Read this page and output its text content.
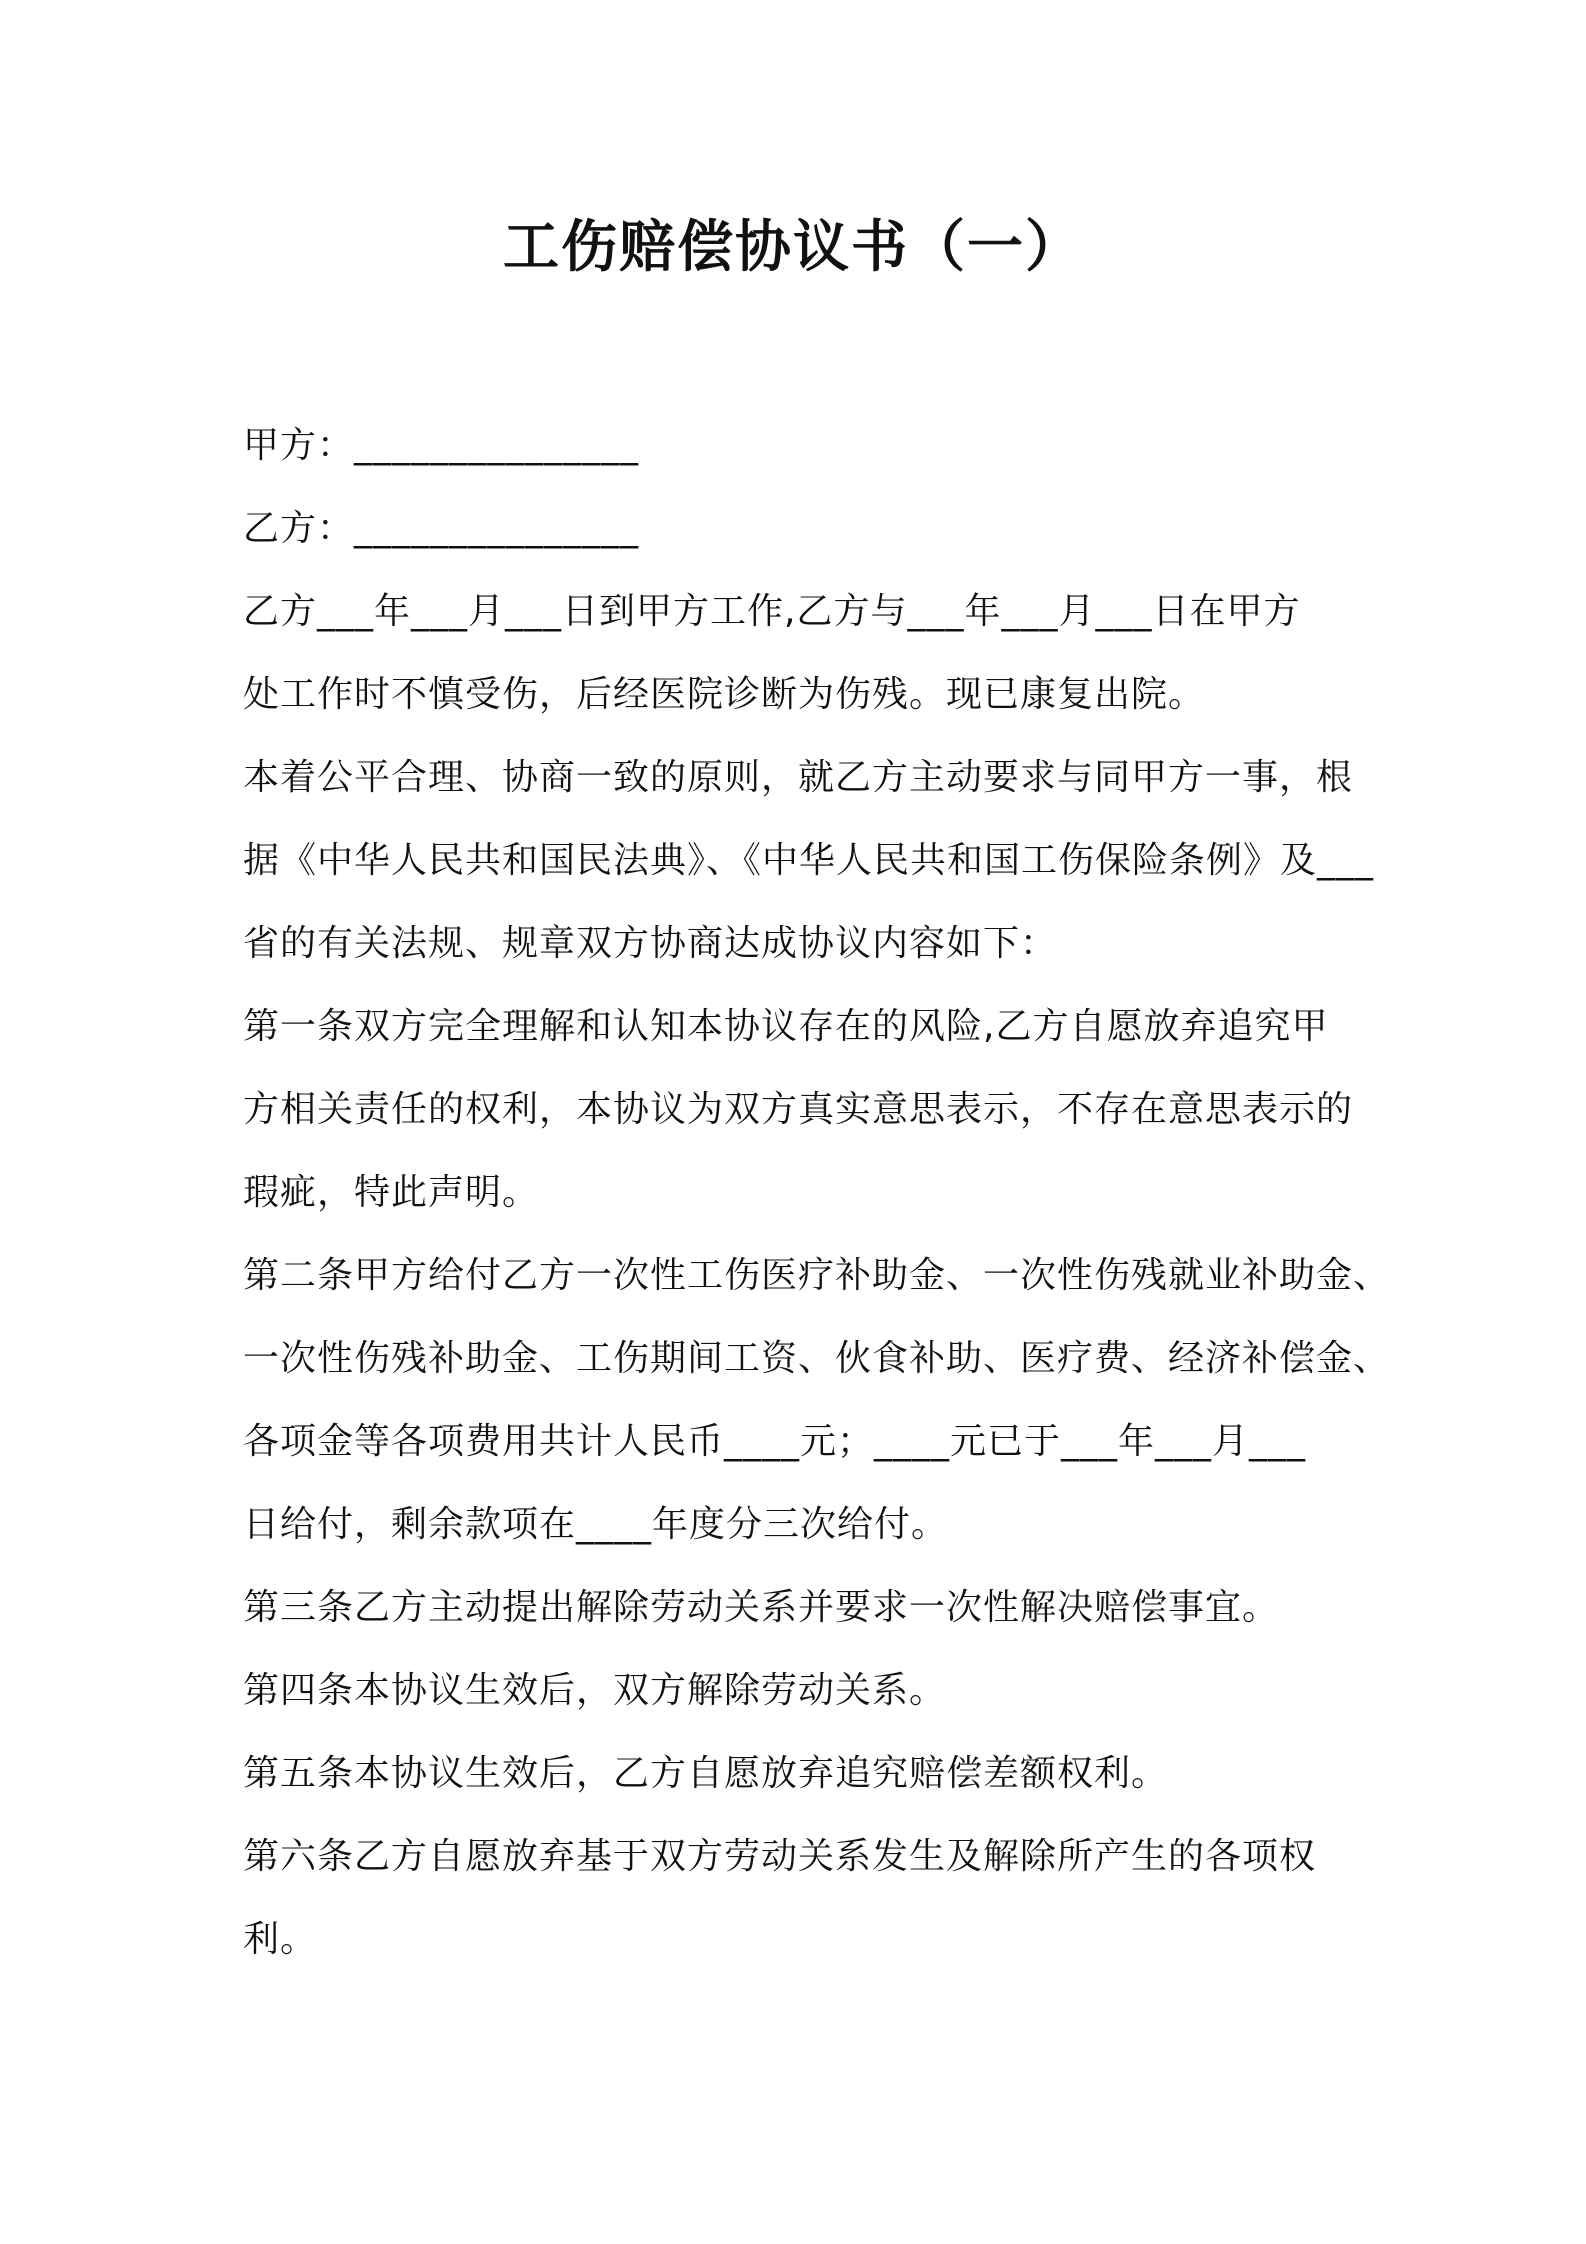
工伤赔偿协议书（一）
甲方：_______________
乙方：_______________
乙方___年___月___日到甲方工作,乙方与___年___月___日在甲方
处工作时不慎受伤，后经医院诊断为伤残。现已康复出院。
本着公平合理、协商一致的原则，就乙方主动要求与同甲方一事，根
据《中华人民共和国民法典》、《中华人民共和国工伤保险条例》及___
省的有关法规、规章双方协商达成协议内容如下：
第一条双方完全理解和认知本协议存在的风险,乙方自愿放弃追究甲
方相关责任的权利，本协议为双方真实意思表示，不存在意思表示的
瑕疵，特此声明。
第二条甲方给付乙方一次性工伤医疗补助金、一次性伤残就业补助金、
一次性伤残补助金、工伤期间工资、伙食补助、医疗费、经济补偿金、
各项金等各项费用共计人民币____元；____元已于___年___月___
日给付，剩余款项在____年度分三次给付。
第三条乙方主动提出解除劳动关系并要求一次性解决赔偿事宜。
第四条本协议生效后，双方解除劳动关系。
第五条本协议生效后，乙方自愿放弃追究赔偿差额权利。
第六条乙方自愿放弃基于双方劳动关系发生及解除所产生的各项权
利。
